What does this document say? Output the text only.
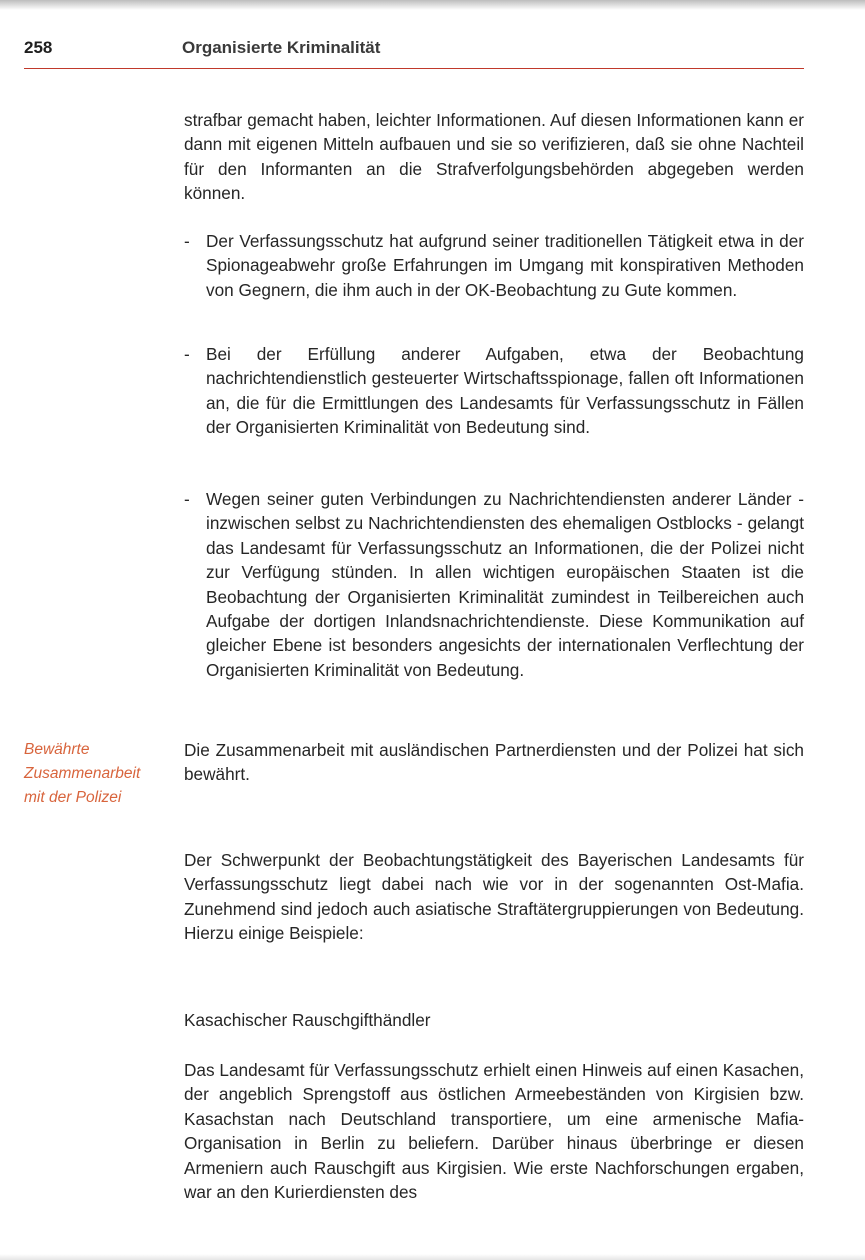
258	Organisierte Kriminalität

strafbar gemacht haben, leichter Informationen. Auf diesen Informationen kann er dann mit eigenen Mitteln aufbauen und sie so verifizieren, daß sie ohne Nachteil für den Informanten an die Strafverfolgungsbehörden abgegeben werden können.

- Der Verfassungsschutz hat aufgrund seiner traditionellen Tätigkeit etwa in der Spionageabwehr große Erfahrungen im Umgang mit konspirativen Methoden von Gegnern, die ihm auch in der OK-Beobachtung zu Gute kommen.

- Bei der Erfüllung anderer Aufgaben, etwa der Beobachtung nachrichtendienstlich gesteuerter Wirtschaftsspionage, fallen oft Informationen an, die für die Ermittlungen des Landesamts für Verfassungsschutz in Fällen der Organisierten Kriminalität von Bedeutung sind.

- Wegen seiner guten Verbindungen zu Nachrichtendiensten anderer Länder - inzwischen selbst zu Nachrichtendiensten des ehemaligen Ostblocks - gelangt das Landesamt für Verfassungsschutz an Informationen, die der Polizei nicht zur Verfügung stünden. In allen wichtigen europäischen Staaten ist die Beobachtung der Organisierten Kriminalität zumindest in Teilbereichen auch Aufgabe der dortigen Inlandsnachrichtendienste. Diese Kommunikation auf gleicher Ebene ist besonders angesichts der internationalen Verflechtung der Organisierten Kriminalität von Bedeutung.

Bewährte
Zusammenarbeit
mit der Polizei

Die Zusammenarbeit mit ausländischen Partnerdiensten und der Polizei hat sich bewährt.

Der Schwerpunkt der Beobachtungstätigkeit des Bayerischen Landesamts für Verfassungsschutz liegt dabei nach wie vor in der sogenannten Ost-Mafia. Zunehmend sind jedoch auch asiatische Straftätergruppierungen von Bedeutung. Hierzu einige Beispiele:

Kasachischer Rauschgifthändler

Das Landesamt für Verfassungsschutz erhielt einen Hinweis auf einen Kasachen, der angeblich Sprengstoff aus östlichen Armeebeständen von Kirgisien bzw. Kasachstan nach Deutschland transportiere, um eine armenische Mafia-Organisation in Berlin zu beliefern. Darüber hinaus überbringe er diesen Armeniern auch Rauschgift aus Kirgisien. Wie erste Nachforschungen ergaben, war an den Kurierdiensten des
